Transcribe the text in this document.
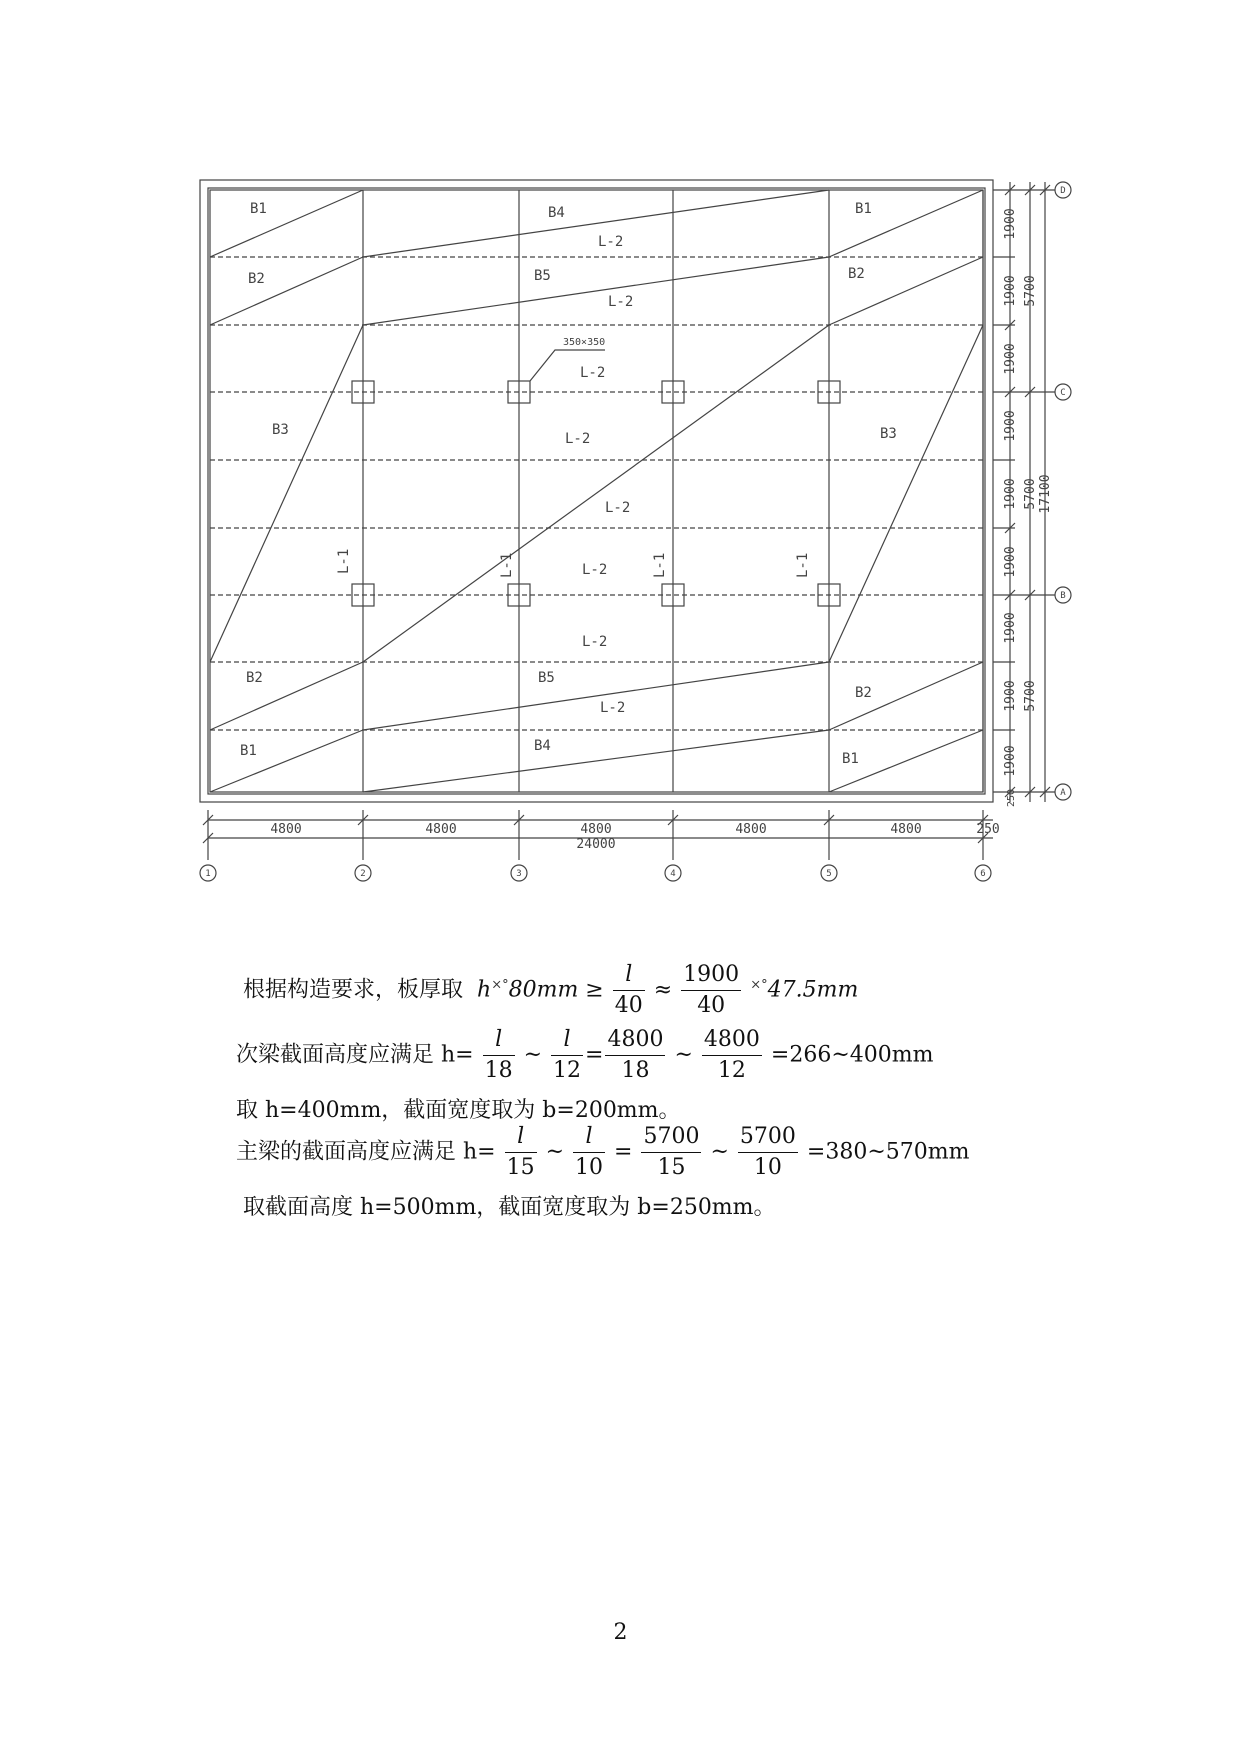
B1	B4	B1
B2	B5	B2
B3	B3
B2	B5
B2
B1	B4
B1
L-2
L-2
L-2
L-2
L-2
L-2
L-2
L-2
L-1	L-1	L-1	L-1
350×350
4800	4800	4800	4800	4800	250
24000
1	2	3	4	5	6
D
C
B
A
1900
1900
1900
1900
1900
1900
1900
1900
1900
250
5700
5700
5700
17100
根据构造要求，板厚取 $h^{\times^\circ}80mm \ge \frac{l}{40} \approx \frac{1900}{40} ^{\times^\circ}47.5mm$
次梁截面高度应满足 $h= \frac{l}{18}$ ~ $\frac{l}{12} = \frac{4800}{18}$ ~ $\frac{4800}{12}$ =266~400mm
取 h=400mm，截面宽度取为 b=200mm。
主梁的截面高度应满足 $h= \frac{l}{15}$ ~ $\frac{l}{10} = \frac{5700}{15}$ ~ $\frac{5700}{10}$ =380~570mm
取截面高度 h=500mm，截面宽度取为 b=250mm。
2
